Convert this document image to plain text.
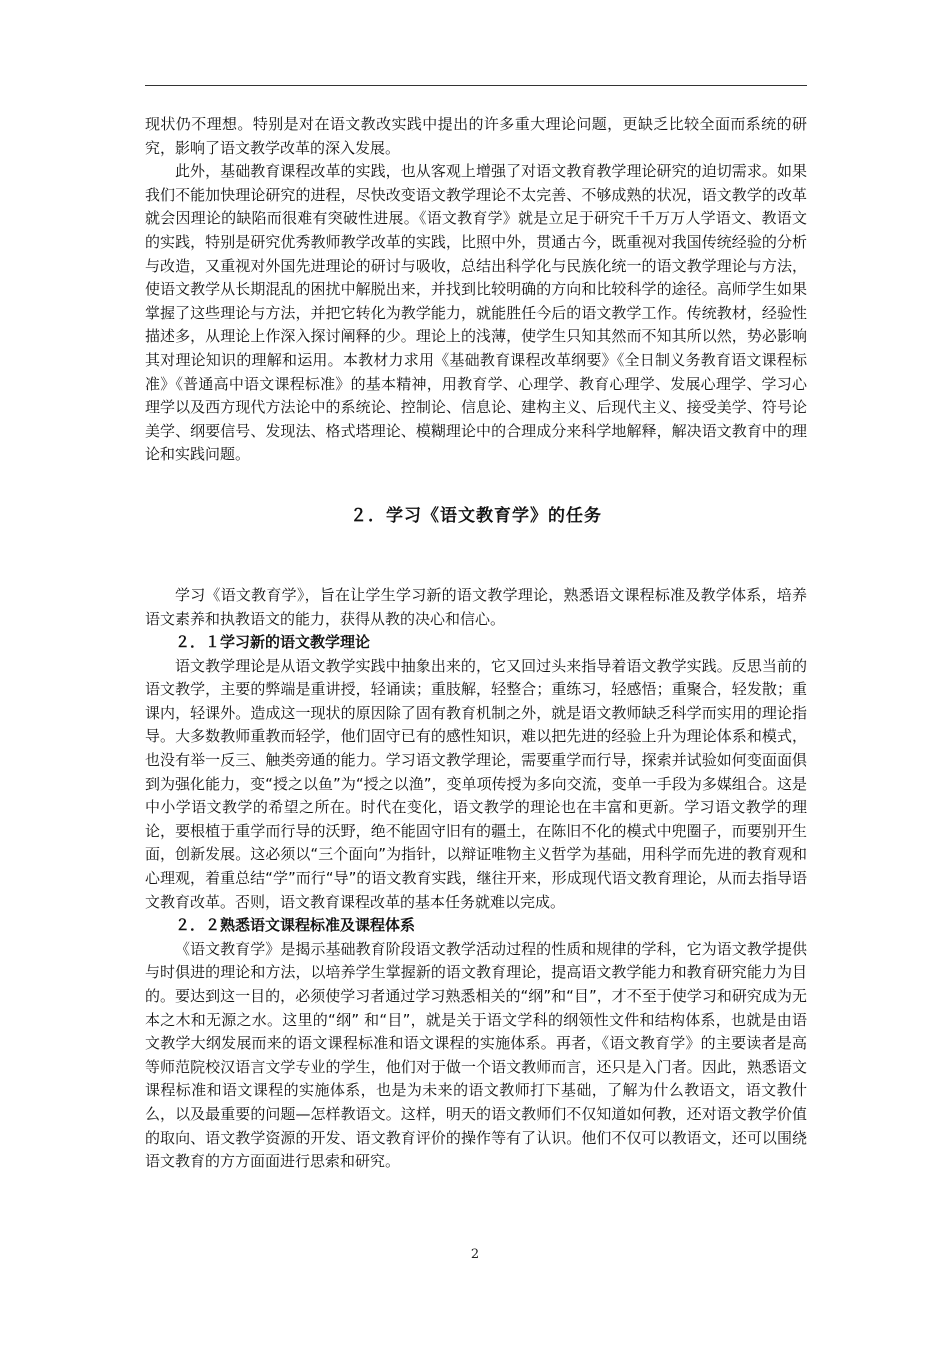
现状仍不理想。特别是对在语文教改实践中提出的许多重大理论问题，更缺乏比较全面而系统的研究，影响了语文教学改革的深入发展。

此外，基础教育课程改革的实践，也从客观上增强了对语文教育教学理论研究的迫切需求。如果我们不能加快理论研究的进程，尽快改变语文教学理论不太完善、不够成熟的状况，语文教学的改革就会因理论的缺陷而很难有突破性进展。《语文教育学》就是立足于研究千千万万人学语文、教语文的实践，特别是研究优秀教师教学改革的实践，比照中外，贯通古今，既重视对我国传统经验的分析与改造，又重视对外国先进理论的研讨与吸收，总结出科学化与民族化统一的语文教学理论与方法，使语文教学从长期混乱的困扰中解脱出来，并找到比较明确的方向和比较科学的途径。高师学生如果掌握了这些理论与方法，并把它转化为教学能力，就能胜任今后的语文教学工作。传统教材，经验性描述多，从理论上作深入探讨阐释的少。理论上的浅薄，使学生只知其然而不知其所以然，势必影响其对理论知识的理解和运用。本教材力求用《基础教育课程改革纲要》《全日制义务教育语文课程标准》《普通高中语文课程标准》的基本精神，用教育学、心理学、教育心理学、发展心理学、学习心理学以及西方现代方法论中的系统论、控制论、信息论、建构主义、后现代主义、接受美学、符号论美学、纲要信号、发现法、格式塔理论、模糊理论中的合理成分来科学地解释，解决语文教育中的理论和实践问题。

２．学习《语文教育学》的任务

学习《语文教育学》，旨在让学生学习新的语文教学理论，熟悉语文课程标准及教学体系，培养语文素养和执教语文的能力，获得从教的决心和信心。

２．１学习新的语文教学理论

语文教学理论是从语文教学实践中抽象出来的，它又回过头来指导着语文教学实践。反思当前的语文教学，主要的弊端是重讲授，轻诵读；重肢解，轻整合；重练习，轻感悟；重聚合，轻发散；重课内，轻课外。造成这一现状的原因除了固有教育机制之外，就是语文教师缺乏科学而实用的理论指导。大多数教师重教而轻学，他们固守已有的感性知识，难以把先进的经验上升为理论体系和模式，也没有举一反三、触类旁通的能力。学习语文教学理论，需要重学而行导，探索并试验如何变面面俱到为强化能力，变“授之以鱼”为“授之以渔”，变单项传授为多向交流，变单一手段为多媒组合。这是中小学语文教学的希望之所在。时代在变化，语文教学的理论也在丰富和更新。学习语文教学的理论，要根植于重学而行导的沃野，绝不能固守旧有的疆土，在陈旧不化的模式中兜圈子，而要别开生面，创新发展。这必须以“三个面向”为指针，以辩证唯物主义哲学为基础，用科学而先进的教育观和心理观，着重总结“学”而行“导”的语文教育实践，继往开来，形成现代语文教育理论，从而去指导语文教育改革。否则，语文教育课程改革的基本任务就难以完成。

２．２熟悉语文课程标准及课程体系

《语文教育学》是揭示基础教育阶段语文教学活动过程的性质和规律的学科，它为语文教学提供与时俱进的理论和方法，以培养学生掌握新的语文教育理论，提高语文教学能力和教育研究能力为目的。要达到这一目的，必须使学习者通过学习熟悉相关的“纲”和“目”，才不至于使学习和研究成为无本之木和无源之水。这里的“纲” 和“目”，就是关于语文学科的纲领性文件和结构体系，也就是由语文教学大纲发展而来的语文课程标准和语文课程的实施体系。再者，《语文教育学》的主要读者是高等师范院校汉语言文学专业的学生，他们对于做一个语文教师而言，还只是入门者。因此，熟悉语文课程标准和语文课程的实施体系，也是为未来的语文教师打下基础，了解为什么教语文，语文教什么，以及最重要的问题—怎样教语文。这样，明天的语文教师们不仅知道如何教，还对语文教学价值的取向、语文教学资源的开发、语文教育评价的操作等有了认识。他们不仅可以教语文，还可以围绕语文教育的方方面面进行思索和研究。

2
